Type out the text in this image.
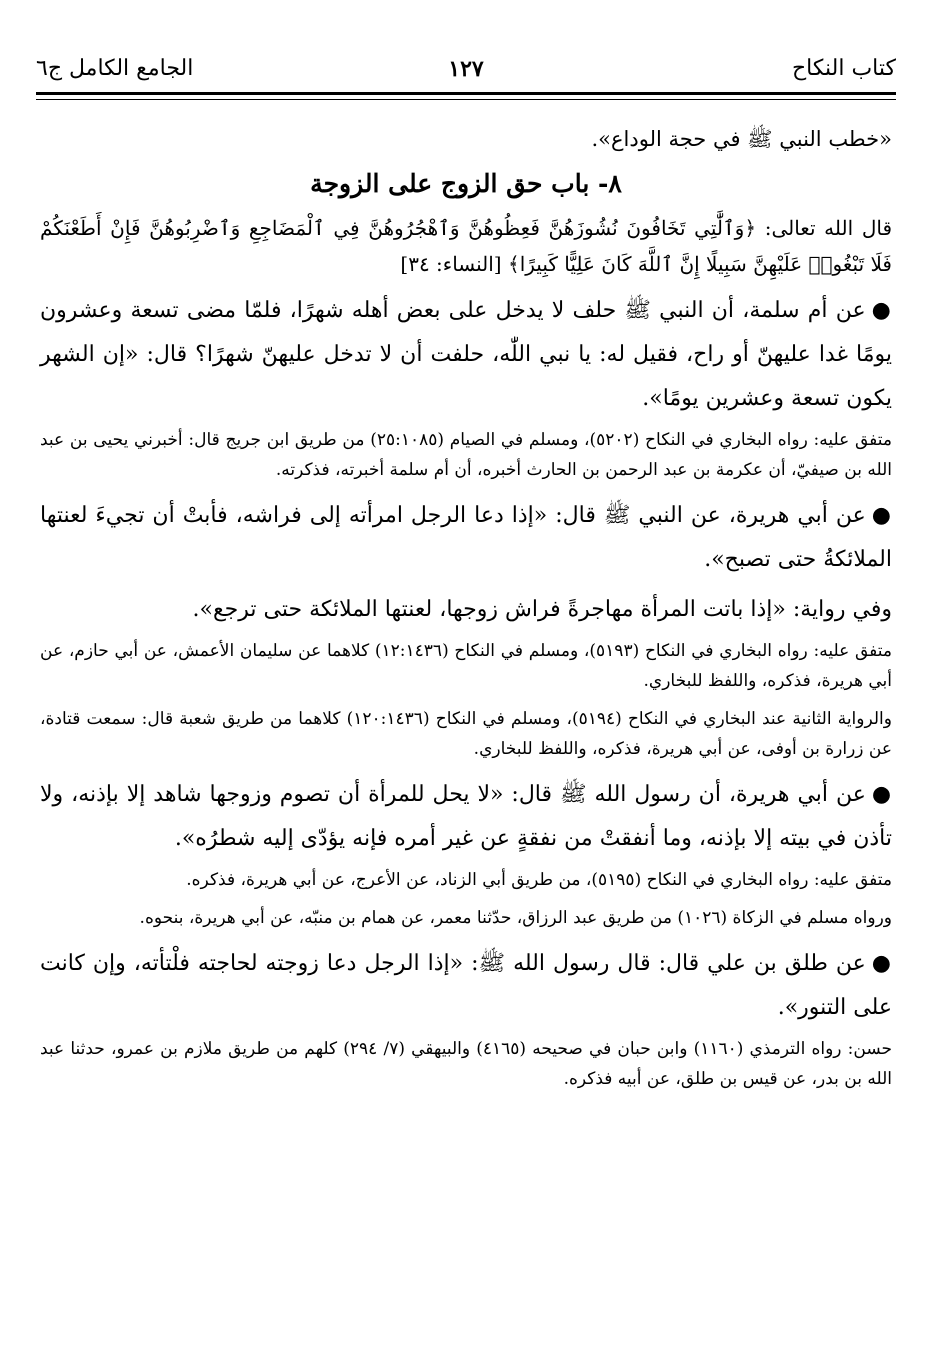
كتاب النكاح
١٢٧
الجامع الكامل ج٦

«خطب النبي ﷺ في حجة الوداع».

٨- باب حق الزوج على الزوجة

قال الله تعالى: ﴿وَٱلَّٰتِي تَخَافُونَ نُشُوزَهُنَّ فَعِظُوهُنَّ وَٱهْجُرُوهُنَّ فِي ٱلْمَضَاجِعِ وَٱضْرِبُوهُنَّ فَإِنْ أَطَعْنَكُمْ فَلَا تَبْغُوا۟ عَلَيْهِنَّ سَبِيلًا إِنَّ ٱللَّهَ كَانَ عَلِيًّا كَبِيرًا﴾ [النساء: ٣٤]

●عن أم سلمة، أن النبي ﷺ حلف لا يدخل على بعض أهله شهرًا، فلمّا مضى تسعة وعشرون يومًا غدا عليهنّ أو راح، فقيل له: يا نبي اللّٰه، حلفت أن لا تدخل عليهنّ شهرًا؟ قال: «إن الشهر يكون تسعة وعشرين يومًا».

متفق عليه: رواه البخاري في النكاح (٥٢٠٢)، ومسلم في الصيام (٢٥:١٠٨٥) من طريق ابن جريج قال: أخبرني يحيى بن عبد الله بن صيفيّ، أن عكرمة بن عبد الرحمن بن الحارث أخبره، أن أم سلمة أخبرته، فذكرته.

●عن أبي هريرة، عن النبي ﷺ قال: «إذا دعا الرجل امرأته إلى فراشه، فأبتْ أن تجيءَ لعنتها الملائكةُ حتى تصبح».

وفي رواية: «إذا باتت المرأة مهاجرةً فراش زوجها، لعنتها الملائكة حتى ترجع».

متفق عليه: رواه البخاري في النكاح (٥١٩٣)، ومسلم في النكاح (١٢:١٤٣٦) كلاهما عن سليمان الأعمش، عن أبي حازم، عن أبي هريرة، فذكره، واللفظ للبخاري.

والرواية الثانية عند البخاري في النكاح (٥١٩٤)، ومسلم في النكاح (١٢٠:١٤٣٦) كلاهما من طريق شعبة قال: سمعت قتادة، عن زرارة بن أوفى، عن أبي هريرة، فذكره، واللفظ للبخاري.

●عن أبي هريرة، أن رسول الله ﷺ قال: «لا يحل للمرأة أن تصوم وزوجها شاهد إلا بإذنه، ولا تأذن في بيته إلا بإذنه، وما أنفقتْ من نفقةٍ عن غير أمره فإنه يؤدّى إليه شطرُه».

متفق عليه: رواه البخاري في النكاح (٥١٩٥)، من طريق أبي الزناد، عن الأعرج، عن أبي هريرة، فذكره.

ورواه مسلم في الزكاة (١٠٢٦) من طريق عبد الرزاق، حدّثنا معمر، عن همام بن منبّه، عن أبي هريرة، بنحوه.

●عن طلق بن علي قال: قال رسول الله ﷺ: «إذا الرجل دعا زوجته لحاجته فلْتأته، وإن كانت على التنور».

حسن: رواه الترمذي (١١٦٠) وابن حبان في صحيحه (٤١٦٥) والبيهقي (٧/ ٢٩٤) كلهم من طريق ملازم بن عمرو، حدثنا عبد الله بن بدر، عن قيس بن طلق، عن أبيه فذكره.
